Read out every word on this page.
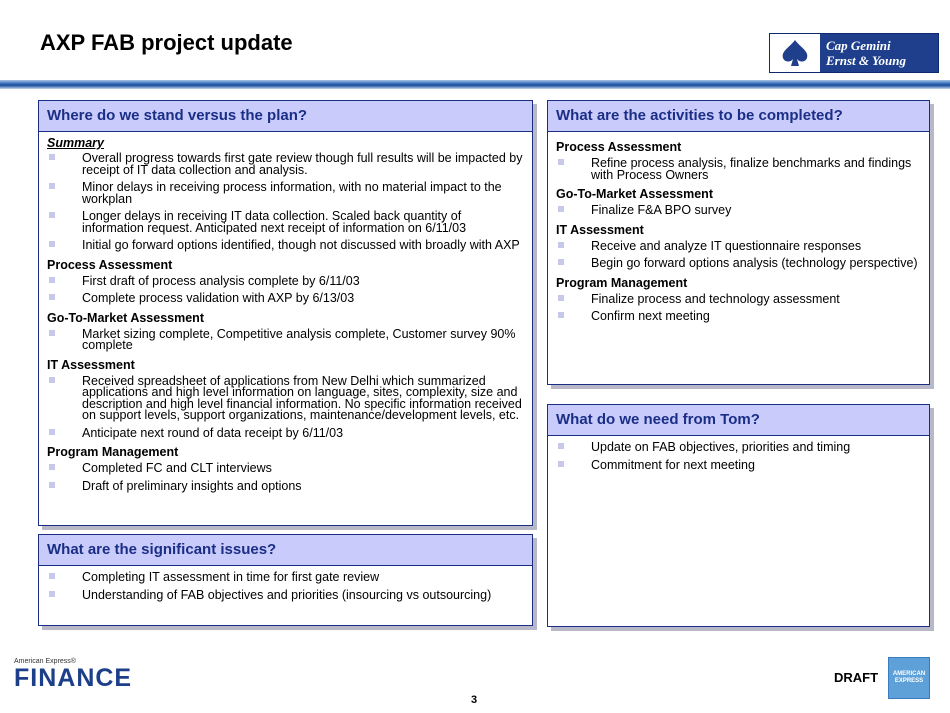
AXP FAB project update	Cap Gemini
Ernst & Young
Where do we stand versus the plan?
Summary
Overall progress towards first gate review though full results will be impacted by receipt of IT data collection and analysis.
Minor delays in receiving process information, with no material impact to the workplan
Longer delays in receiving IT data collection. Scaled back quantity of information request. Anticipated next receipt of information on 6/11/03
Initial go forward options identified, though not discussed with broadly with AXP
Process Assessment
First draft of process analysis complete by 6/11/03
Complete process validation with AXP by 6/13/03
Go-To-Market Assessment
Market sizing complete, Competitive analysis complete, Customer survey 90% complete
IT Assessment
Received spreadsheet of applications from New Delhi which summarized applications and high level information on language, sites, complexity, size and description and high level financial information. No specific information received on support levels, support organizations, maintenance/development levels, etc.
Anticipate next round of data receipt by 6/11/03
Program Management
Completed FC and CLT interviews
Draft of preliminary insights and options
What are the significant issues?
Completing IT assessment in time for first gate review
Understanding of FAB objectives and priorities (insourcing vs outsourcing)
What are the activities to be completed?
Process Assessment
Refine process analysis, finalize benchmarks and findings with Process Owners
Go-To-Market Assessment
Finalize F&A BPO survey
IT Assessment
Receive and analyze IT questionnaire responses
Begin go forward options analysis (technology perspective)
Program Management
Finalize process and technology assessment
Confirm next meeting
What do we need from Tom?
Update on FAB objectives, priorities and timing
Commitment for next meeting
American Express®
FINANCE	DRAFT AMERICAN
EXPRESS
3
